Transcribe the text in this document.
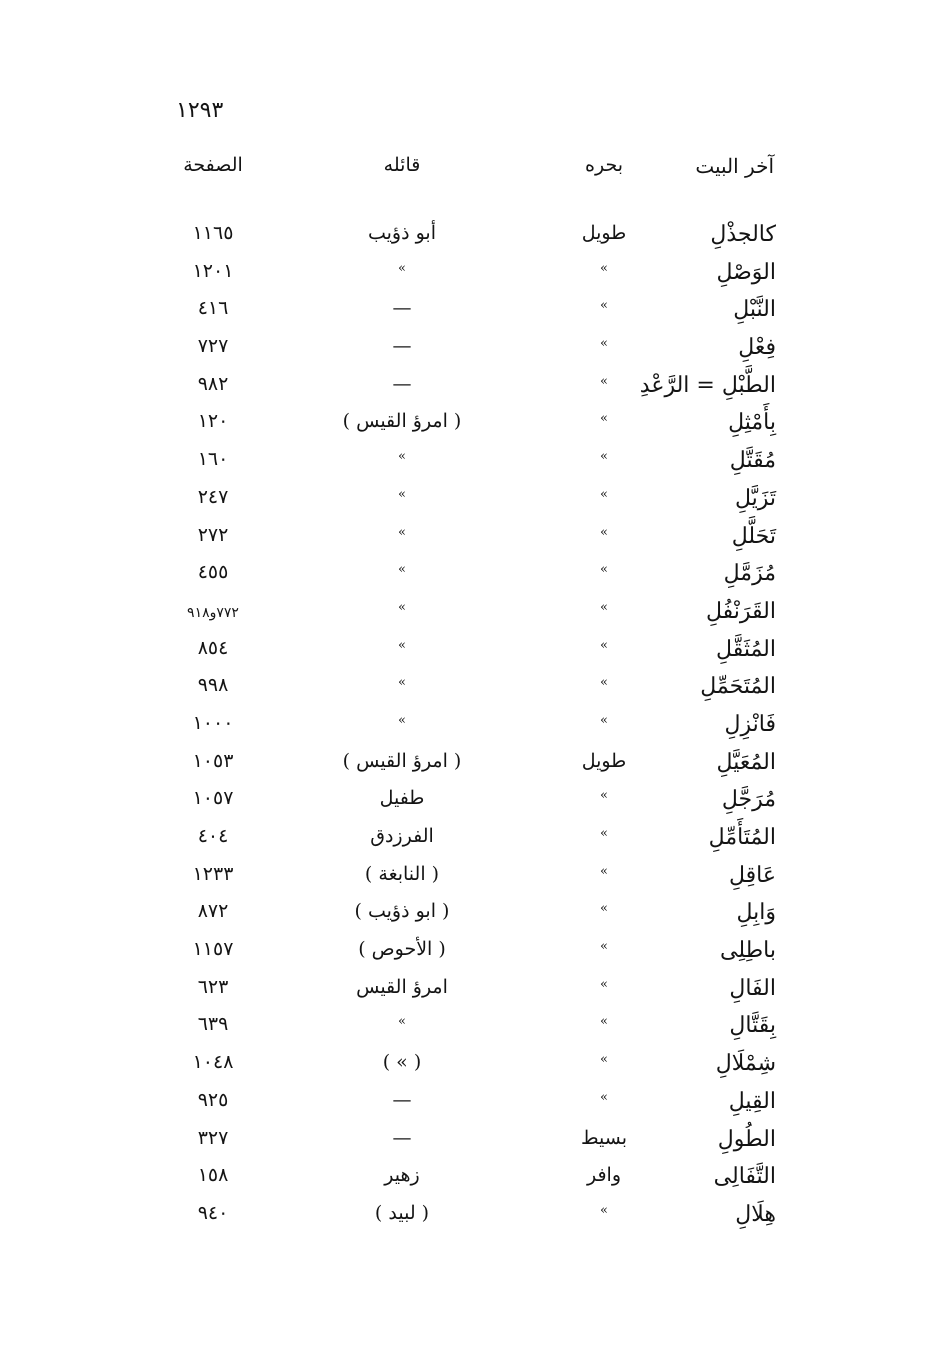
١٢٩٣
آخر البيت
بحره
قائله
الصفحة
كالجذْلِ
طويل
أبو ذؤيب
١١٦٥
الوَصْلِ
»
»
١٢٠١
النَّبْلِ
»
—
٤١٦
فِعْلِ
»
—
٧٢٧
الطَّبْلِ = الرَّعْدِ
»
—
٩٨٢
بِأَمْثِلِ
»
( امرؤ القيس )
١٢٠
مُقَتَّلِ
»
»
١٦٠
تَزَيَّلِ
»
»
٢٤٧
تَحَلَّلِ
»
»
٢٧٢
مُزَمَّلِ
»
»
٤٥٥
القَرَنْفُلِ
»
»
٧٧٢و٩١٨
المُثَقَّلِ
»
»
٨٥٤
المُتَحَمِّلِ
»
»
٩٩٨
فَانْزِلِ
»
»
١٠٠٠
المُعَيَّلِ
طويل
( امرؤ القيس )
١٠٥٣
مُرَجَّلِ
»
طفيل
١٠٥٧
المُتَأَمِّلِ
»
الفرزدق
٤٠٤
عَاقِلِ
»
( النابغة )
١٢٣٣
وَابِلِ
»
( ابو ذؤيب )
٨٧٢
باطِلِى
»
( الأحوص )
١١٥٧
الفَالِ
»
امرؤ القيس
٦٢٣
بِقَتَّالِ
»
»
٦٣٩
شِمْلَالِ
»
( » )
١٠٤٨
القِيلِ
»
—
٩٢٥
الطُولِ
بسيط
—
٣٢٧
التَّفَالِى
وافر
زهير
١٥٨
هِلَالِ
»
( لبيد )
٩٤٠
